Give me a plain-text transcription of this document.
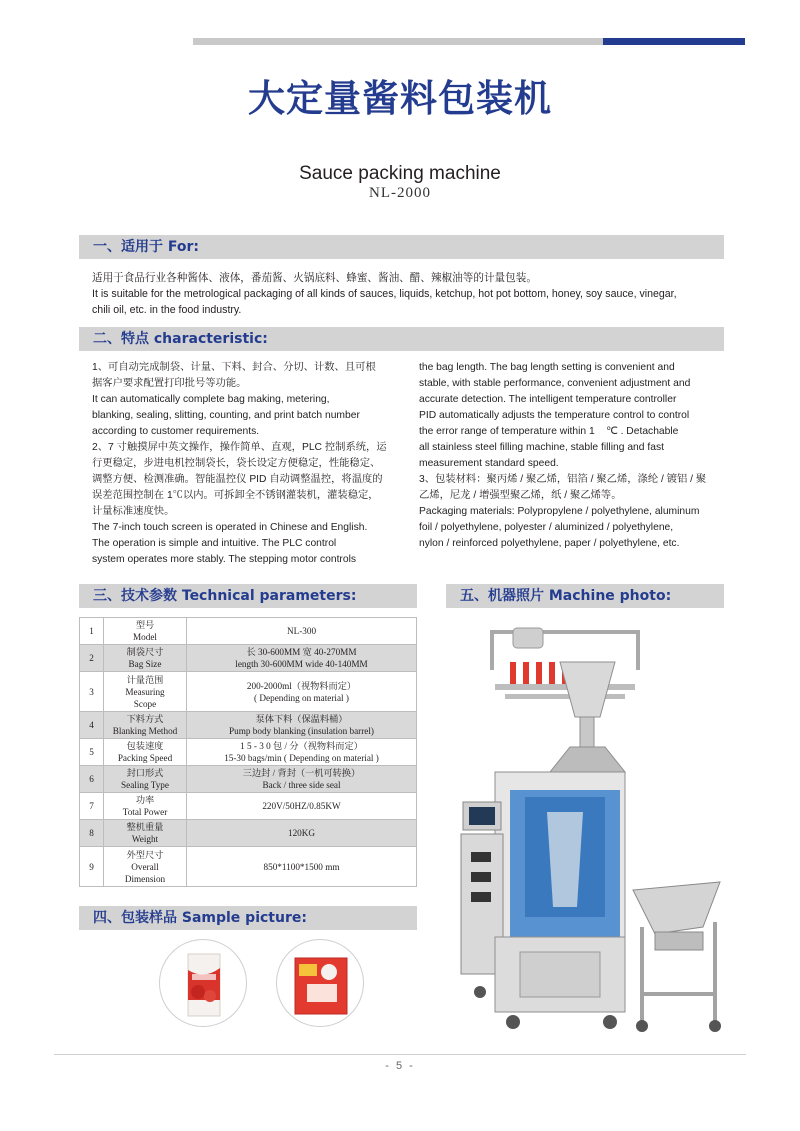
大定量酱料包装机
Sauce packing machine
NL-2000
一、适用于 For:
适用于食品行业各种酱体、液体，番茄酱、火锅底料、蜂蜜、酱油、醋、辣椒油等的计量包装。
It is suitable for the metrological packaging of all kinds of sauces, liquids, ketchup, hot pot bottom, honey, soy sauce, vinegar,
chili oil, etc. in the food industry.
二、特点 characteristic:
1、可自动完成制袋、计量、下料、封合、分切、计数、且可根
据客户要求配置打印批号等功能。
It can automatically complete bag making, metering,
blanking, sealing, slitting, counting, and print batch number
according to customer requirements.
2、7 寸触摸屏中英文操作，操作简单、直观，PLC 控制系统，运
行更稳定，步进电机控制袋长，袋长设定方便稳定，性能稳定、
调整方便、检测准确。智能温控仪 PID 自动调整温控，将温度的
误差范围控制在 1℃以内。可拆卸全不锈钢灌装机，灌装稳定，
计量标准速度快。
The 7-inch touch screen is operated in Chinese and English.
The operation is simple and intuitive. The PLC control
system operates more stably. The stepping motor controls
the bag length. The bag length setting is convenient and
stable, with stable performance, convenient adjustment and
accurate detection. The intelligent temperature controller
PID automatically adjusts the temperature control to control
the error range of temperature within 1    ℃ . Detachable
all stainless steel filling machine, stable filling and fast
measurement standard speed.
3、包装材料：聚丙烯 / 聚乙烯，铝箔 / 聚乙烯，涤纶 / 镀铝 / 聚
乙烯，尼龙 / 增强型聚乙烯，纸 / 聚乙烯等。
Packaging materials: Polypropylene / polyethylene, aluminum
foil / polyethylene, polyester / aluminized / polyethylene,
nylon / reinforced polyethylene, paper / polyethylene, etc.
三、技术参数 Technical parameters:
1	型号
Model	NL-300

2	制袋尺寸
Bag Size	长 30-600MM 宽 40-270MM
length 30-600MM wide 40-140MM

3	计量范围
Measuring
Scope	200-2000ml（视物料而定）
( Depending on material )

4	下料方式
Blanking Method	泵体下料（保温料桶）
Pump body blanking (insulation barrel)

5	包装速度
Packing Speed	1 5 - 3 0 包 / 分（视物料而定）
15-30 bags/min ( Depending on material )

6	封口形式
Sealing Type	三边封 / 背封（一机可转换）
Back / three side seal

7	功率
Total Power	220V/50HZ/0.85KW

8	整机重量
Weight	120KG

9	外型尺寸
Overall
Dimension	850*1100*1500 mm
五、机器照片 Machine photo:
四、包装样品 Sample picture:
- 5 -
